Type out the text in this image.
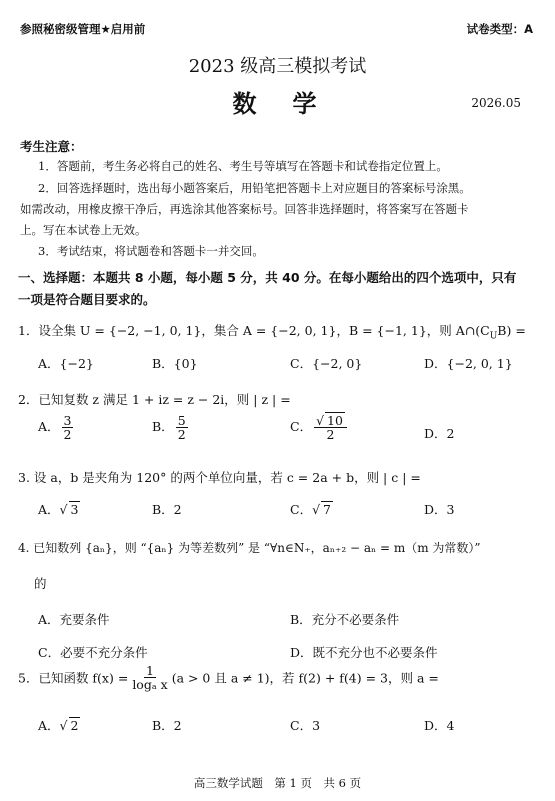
参照秘密级管理★启用前	试卷类型：A
2023 级高三模拟考试
数　学	2026.05
考生注意：
1．答题前，考生务必将自己的姓名、考生号等填写在答题卡和试卷指定位置上。
2．回答选择题时，选出每小题答案后，用铅笔把答题卡上对应题目的答案标号涂黑。
如需改动，用橡皮擦干净后，再选涂其他答案标号。回答非选择题时，将答案写在答题卡
上。写在本试卷上无效。
3．考试结束，将试题卷和答题卡一并交回。
一、选择题：本题共 8 小题，每小题 5 分，共 40 分。在每小题给出的四个选项中，只有
一项是符合题目要求的。
1．设全集 U = {−2, −1, 0, 1}，集合 A = {−2, 0, 1}，B = {−1, 1}，则 $A\cap(C_UB)$ =
A．{−2}	B．{0}	C．{−2, 0}	D．{−2, 0, 1}
2．已知复数 z 满足 1 + iz = z − 2i，则 | z | =
A． $\frac{3}{2}$	B． $\frac{5}{2}$	C． $\frac{√ 10}{2}$	D．2
3. 设 a，b 是夹角为 120° 的两个单位向量，若 c = 2a + b，则 | c | =
A．√ 3	B．2	C．√ 7	D．3
4. 已知数列 {aₙ}，则 “{aₙ} 为等差数列” 是 “∀n∈N₊，aₙ₊₂ − aₙ = m（m 为常数）”
的
A．充要条件	B．充分不必要条件
C．必要不充分条件	D．既不充分也不必要条件
5．已知函数 $f(x) = \frac{1}{\text{logₐ x}} (a > 0$ 且 a ≠ 1)，若 f(2) + f(4) = 3，则 a =
A．√ 2	B．2	C．3	D．4
高三数学试题　第 1 页　共 6 页
